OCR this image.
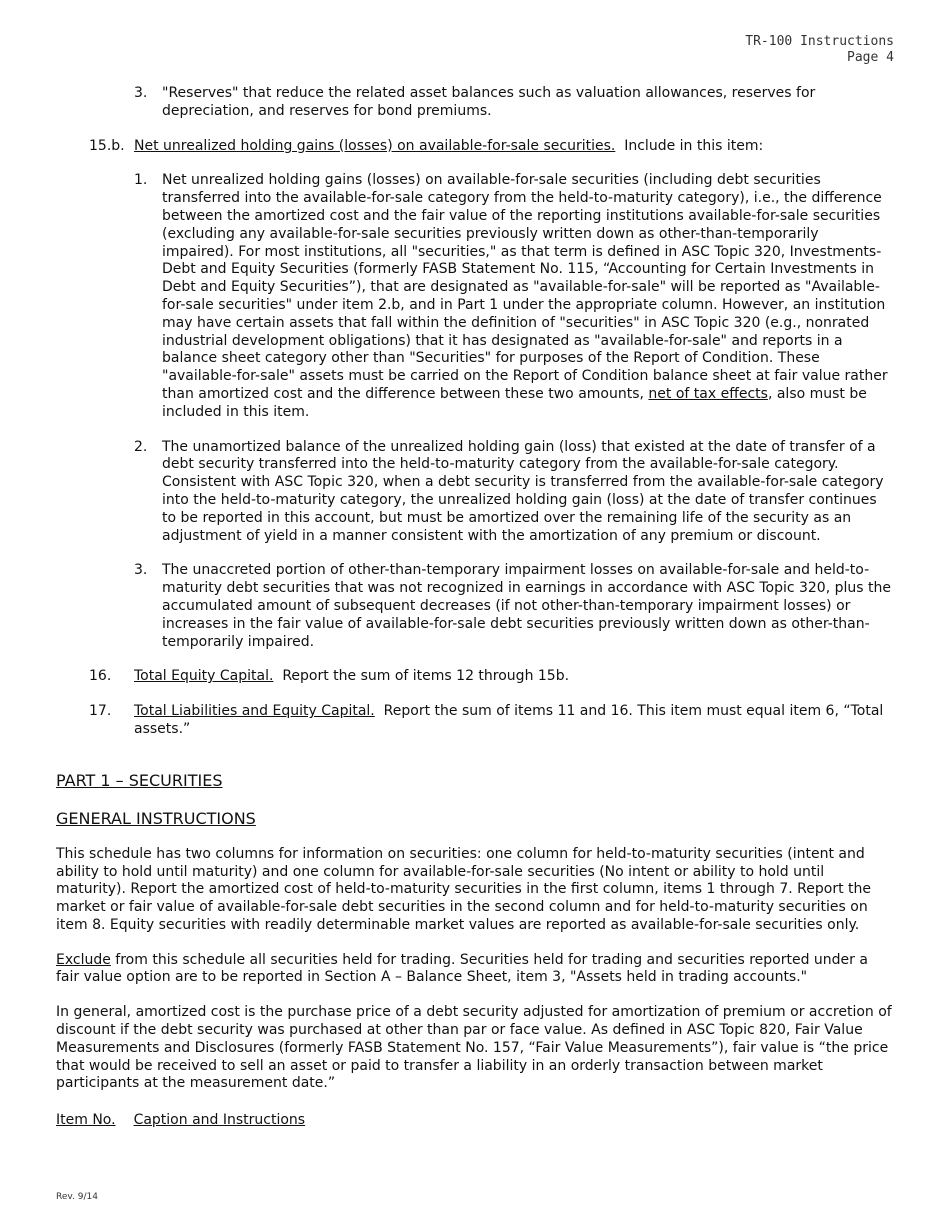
TR-100 Instructions
Page 4

3. "Reserves" that reduce the related asset balances such as valuation allowances, reserves for depreciation, and reserves for bond premiums.

15.b. Net unrealized holding gains (losses) on available-for-sale securities. Include in this item:

1. Net unrealized holding gains (losses) on available-for-sale securities (including debt securities transferred into the available-for-sale category from the held-to-maturity category), i.e., the difference between the amortized cost and the fair value of the reporting institutions available-for-sale securities (excluding any available-for-sale securities previously written down as other-than-temporarily impaired). For most institutions, all "securities," as that term is defined in ASC Topic 320, Investments-Debt and Equity Securities (formerly FASB Statement No. 115, “Accounting for Certain Investments in Debt and Equity Securities”), that are designated as "available-for-sale" will be reported as "Available-for-sale securities" under item 2.b, and in Part 1 under the appropriate column. However, an institution may have certain assets that fall within the definition of "securities" in ASC Topic 320 (e.g., nonrated industrial development obligations) that it has designated as "available-for-sale" and reports in a balance sheet category other than "Securities" for purposes of the Report of Condition. These "available-for-sale" assets must be carried on the Report of Condition balance sheet at fair value rather than amortized cost and the difference between these two amounts, net of tax effects, also must be included in this item.

2. The unamortized balance of the unrealized holding gain (loss) that existed at the date of transfer of a debt security transferred into the held-to-maturity category from the available-for-sale category. Consistent with ASC Topic 320, when a debt security is transferred from the available-for-sale category into the held-to-maturity category, the unrealized holding gain (loss) at the date of transfer continues to be reported in this account, but must be amortized over the remaining life of the security as an adjustment of yield in a manner consistent with the amortization of any premium or discount.

3. The unaccreted portion of other-than-temporary impairment losses on available-for-sale and held-to-maturity debt securities that was not recognized in earnings in accordance with ASC Topic 320, plus the accumulated amount of subsequent decreases (if not other-than-temporary impairment losses) or increases in the fair value of available-for-sale debt securities previously written down as other-than-temporarily impaired.

16. Total Equity Capital. Report the sum of items 12 through 15b.

17. Total Liabilities and Equity Capital. Report the sum of items 11 and 16. This item must equal item 6, “Total assets.”

PART 1 – SECURITIES

GENERAL INSTRUCTIONS

This schedule has two columns for information on securities: one column for held-to-maturity securities (intent and ability to hold until maturity) and one column for available-for-sale securities (No intent or ability to hold until maturity). Report the amortized cost of held-to-maturity securities in the first column, items 1 through 7. Report the market or fair value of available-for-sale debt securities in the second column and for held-to-maturity securities on item 8. Equity securities with readily determinable market values are reported as available-for-sale securities only.

Exclude from this schedule all securities held for trading. Securities held for trading and securities reported under a fair value option are to be reported in Section A – Balance Sheet, item 3, "Assets held in trading accounts."

In general, amortized cost is the purchase price of a debt security adjusted for amortization of premium or accretion of discount if the debt security was purchased at other than par or face value. As defined in ASC Topic 820, Fair Value Measurements and Disclosures (formerly FASB Statement No. 157, “Fair Value Measurements”), fair value is “the price that would be received to sell an asset or paid to transfer a liability in an orderly transaction between market participants at the measurement date.”

Item No. Caption and Instructions

Rev. 9/14
